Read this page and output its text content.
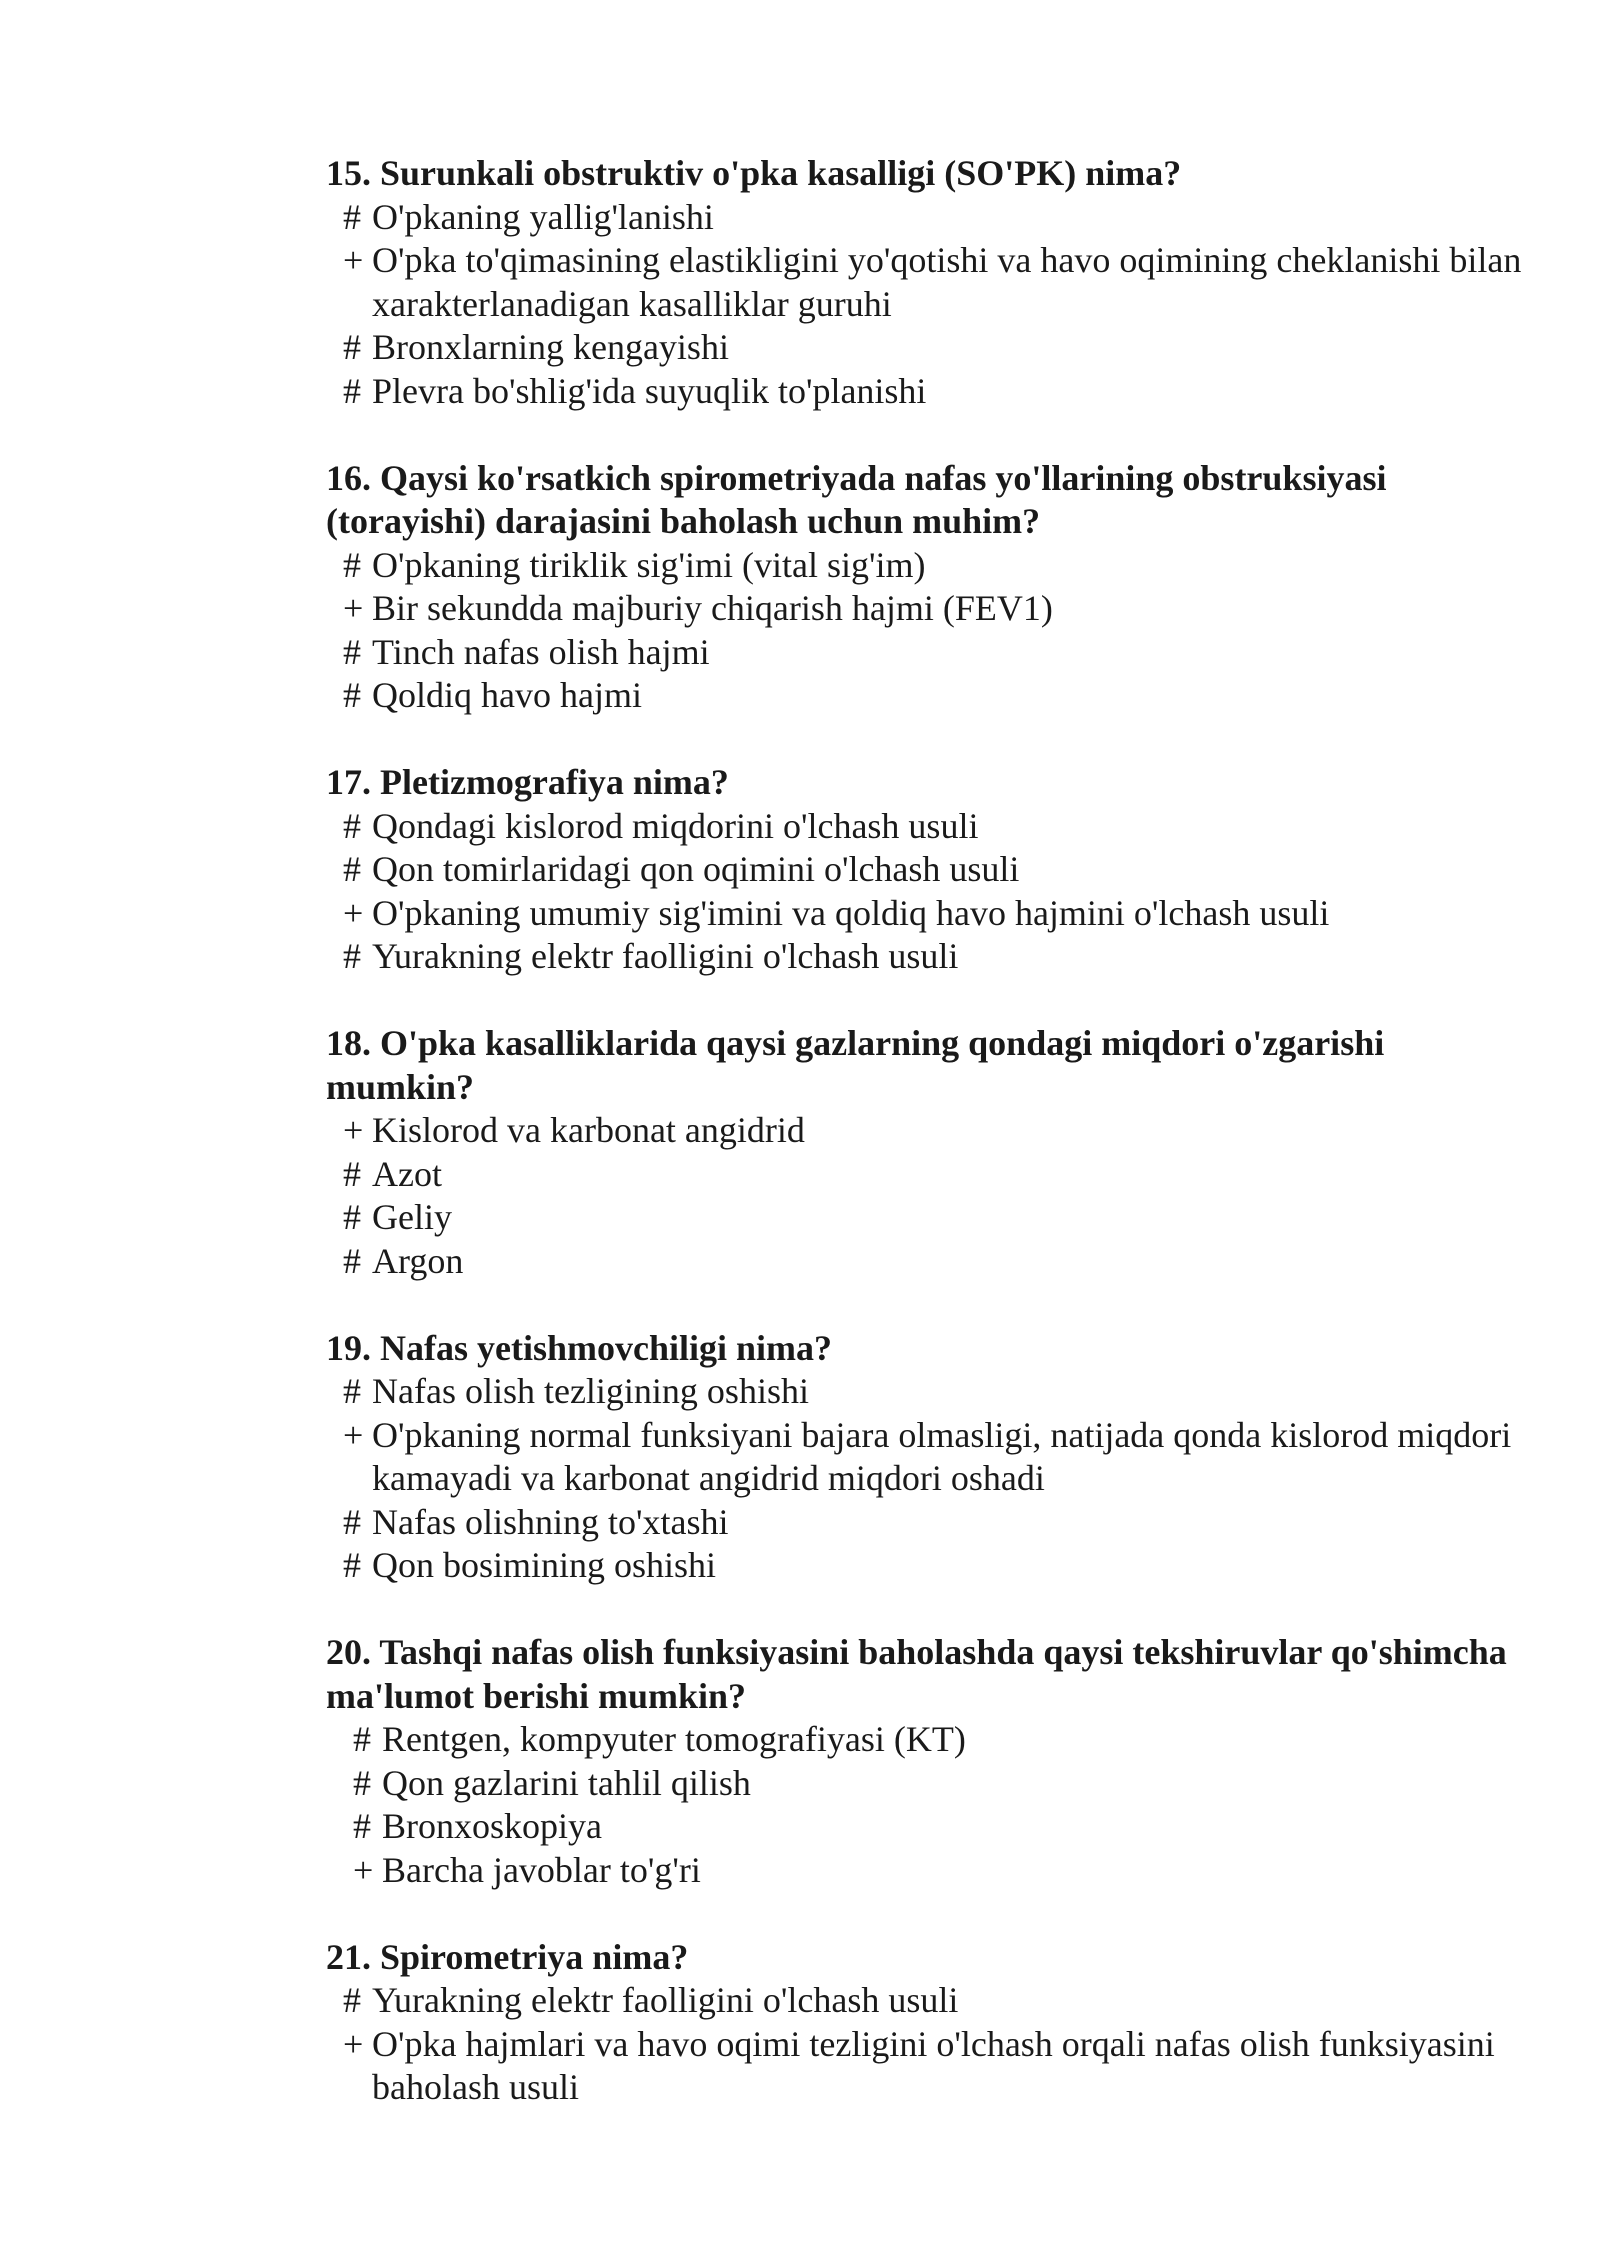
15. Surunkali obstruktiv o'pka kasalligi (SO'PK) nima?

# O'pkaning yallig'lanishi
+ O'pka to'qimasining elastikligini yo'qotishi va havo oqimining cheklanishi bilan xarakterlanadigan kasalliklar guruhi
# Bronxlarning kengayishi
# Plevra bo'shlig'ida suyuqlik to'planishi

16. Qaysi ko'rsatkich spirometriyada nafas yo'llarining obstruksiyasi (torayishi) darajasini baholash uchun muhim?

# O'pkaning tiriklik sig'imi (vital sig'im)
+ Bir sekundda majburiy chiqarish hajmi (FEV1)
# Tinch nafas olish hajmi
# Qoldiq havo hajmi

17. Pletizmografiya nima?

# Qondagi kislorod miqdorini o'lchash usuli
# Qon tomirlaridagi qon oqimini o'lchash usuli
+ O'pkaning umumiy sig'imini va qoldiq havo hajmini o'lchash usuli
# Yurakning elektr faolligini o'lchash usuli

18. O'pka kasalliklarida qaysi gazlarning qondagi miqdori o'zgarishi mumkin?

+ Kislorod va karbonat angidrid
# Azot
# Geliy
# Argon

19. Nafas yetishmovchiligi nima?

# Nafas olish tezligining oshishi
+ O'pkaning normal funksiyani bajara olmasligi, natijada qonda kislorod miqdori kamayadi va karbonat angidrid miqdori oshadi
# Nafas olishning to'xtashi
# Qon bosimining oshishi

20. Tashqi nafas olish funksiyasini baholashda qaysi tekshiruvlar qo'shimcha ma'lumot berishi mumkin?

# Rentgen, kompyuter tomografiyasi (KT)
# Qon gazlarini tahlil qilish
# Bronxoskopiya
+ Barcha javoblar to'g'ri

21. Spirometriya nima?

# Yurakning elektr faolligini o'lchash usuli
+ O'pka hajmlari va havo oqimi tezligini o'lchash orqali nafas olish funksiyasini baholash usuli
